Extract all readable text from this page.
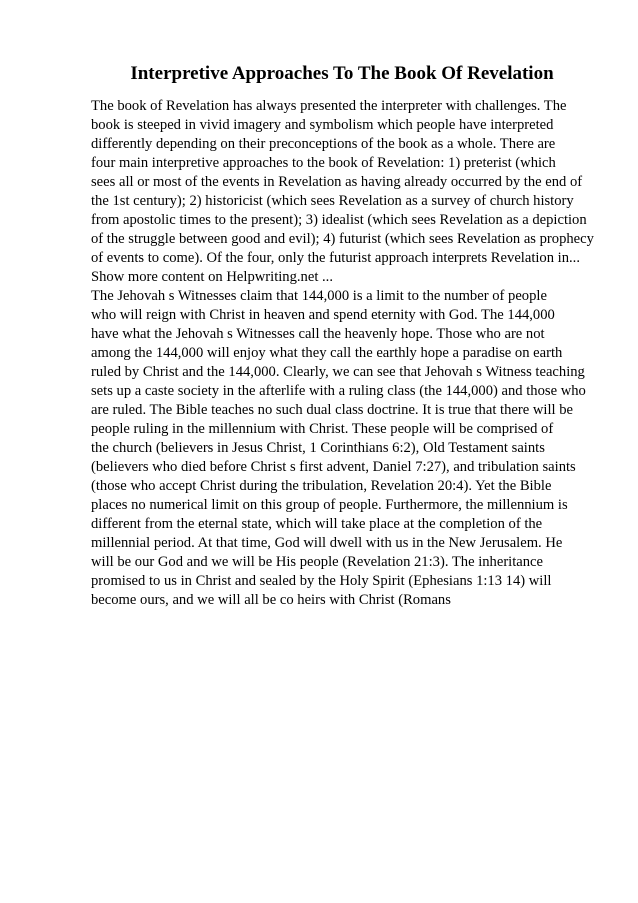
Interpretive Approaches To The Book Of Revelation
The book of Revelation has always presented the interpreter with challenges. The
book is steeped in vivid imagery and symbolism which people have interpreted
differently depending on their preconceptions of the book as a whole. There are
four main interpretive approaches to the book of Revelation: 1) preterist (which
sees all or most of the events in Revelation as having already occurred by the end of
the 1st century); 2) historicist (which sees Revelation as a survey of church history
from apostolic times to the present); 3) idealist (which sees Revelation as a depiction
of the struggle between good and evil); 4) futurist (which sees Revelation as prophecy
of events to come). Of the four, only the futurist approach interprets Revelation in...
Show more content on Helpwriting.net ...
The Jehovah s Witnesses claim that 144,000 is a limit to the number of people
who will reign with Christ in heaven and spend eternity with God. The 144,000
have what the Jehovah s Witnesses call the heavenly hope. Those who are not
among the 144,000 will enjoy what they call the earthly hope a paradise on earth
ruled by Christ and the 144,000. Clearly, we can see that Jehovah s Witness teaching
sets up a caste society in the afterlife with a ruling class (the 144,000) and those who
are ruled. The Bible teaches no such dual class doctrine. It is true that there will be
people ruling in the millennium with Christ. These people will be comprised of
the church (believers in Jesus Christ, 1 Corinthians 6:2), Old Testament saints
(believers who died before Christ s first advent, Daniel 7:27), and tribulation saints
(those who accept Christ during the tribulation, Revelation 20:4). Yet the Bible
places no numerical limit on this group of people. Furthermore, the millennium is
different from the eternal state, which will take place at the completion of the
millennial period. At that time, God will dwell with us in the New Jerusalem. He
will be our God and we will be His people (Revelation 21:3). The inheritance
promised to us in Christ and sealed by the Holy Spirit (Ephesians 1:13 14) will
become ours, and we will all be co heirs with Christ (Romans
